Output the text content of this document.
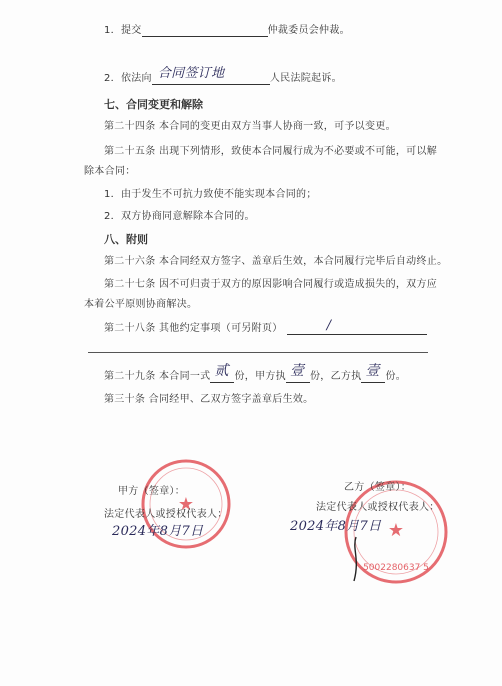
1．提交	仲裁委员会仲裁。
2．依法向 合同签订地	人民法院起诉。
七、合同变更和解除
第二十四条 本合同的变更由双方当事人协商一致，可予以变更。
第二十五条 出现下列情形，致使本合同履行成为不必要或不可能，可以解
除本合同：
1．由于发生不可抗力致使不能实现本合同的；
2．双方协商同意解除本合同的。
八、附则
第二十六条 本合同经双方签字、盖章后生效，本合同履行完毕后自动终止。
第二十七条 因不可归责于双方的原因影响合同履行或造成损失的，双方应
本着公平原则协商解决。
第二十八条 其他约定事项（可另附页）	/
第二十九条 本合同一式 贰 份，甲方执 壹 份，乙方执 壹 份。
第三十条 合同经甲、乙双方签字盖章后生效。
★
★
5002280637 5
甲方（签章）：
法定代表人或授权代表人：
2024年8月7日
乙方（签章）：
法定代表人或授权代表人：
2024年8月7日
